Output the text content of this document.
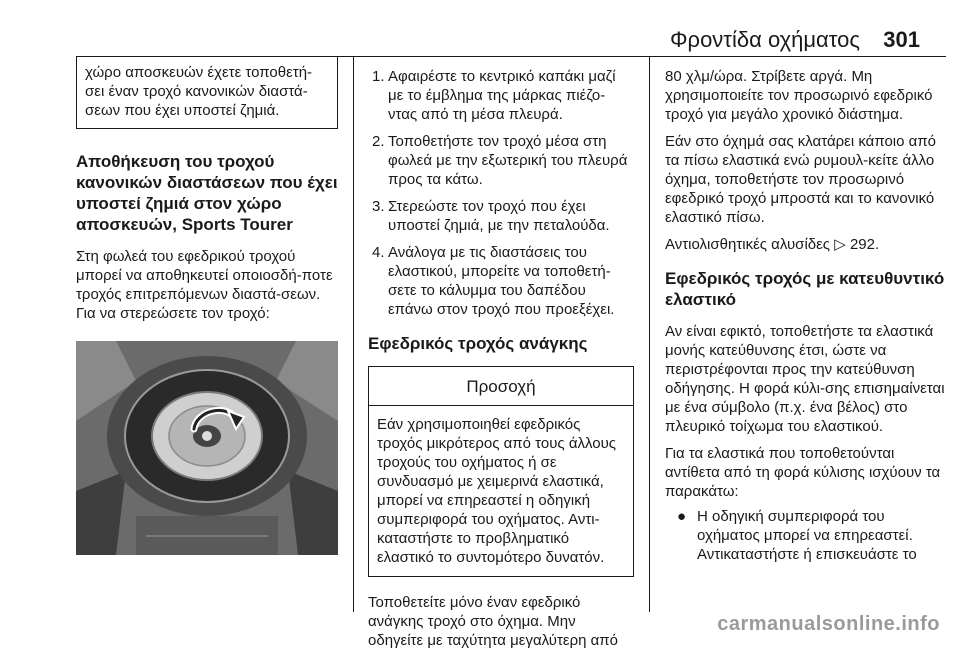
Φροντίδα οχήματος 301
χώρο αποσκευών έχετε τοποθετή-σει έναν τροχό κανονικών διαστά-σεων που έχει υποστεί ζημιά.
Αποθήκευση του τροχού κανονικών διαστάσεων που έχει υποστεί ζημιά στον χώρο αποσκευών, Sports Tourer

Στη φωλεά του εφεδρικού τροχού μπορεί να αποθηκευτεί οποιοσδή-ποτε τροχός επιτρεπόμενων διαστά-σεων. Για να στερεώσετε τον τροχό:

1. Αφαιρέστε το κεντρικό καπάκι μαζί με το έμβλημα της μάρκας πιέζο-ντας από τη μέσα πλευρά.
2. Τοποθετήστε τον τροχό μέσα στη φωλεά με την εξωτερική του πλευρά προς τα κάτω.
3. Στερεώστε τον τροχό που έχει υποστεί ζημιά, με την πεταλούδα.
4. Ανάλογα με τις διαστάσεις του ελαστικού, μπορείτε να τοποθετή-σετε το κάλυμμα του δαπέδου επάνω στον τροχό που προεξέχει.
Εφεδρικός τροχός ανάγκης
Προσοχή
Εάν χρησιμοποιηθεί εφεδρικός τροχός μικρότερος από τους άλλους τροχούς του οχήματος ή σε συνδυασμό με χειμερινά ελαστικά, μπορεί να επηρεαστεί η οδηγική συμπεριφορά του οχήματος. Αντι-καταστήστε το προβληματικό ελαστικό το συντομότερο δυνατόν.

Τοποθετείτε μόνο έναν εφεδρικό ανάγκης τροχό στο όχημα. Μην οδηγείτε με ταχύτητα μεγαλύτερη από

80 χλμ/ώρα. Στρίβετε αργά. Μη χρησιμοποιείτε τον προσωρινό εφεδρικό τροχό για μεγάλο χρονικό διάστημα.

Εάν στο όχημά σας κλατάρει κάποιο από τα πίσω ελαστικά ενώ ρυμουλ-κείτε άλλο όχημα, τοποθετήστε τον προσωρινό εφεδρικό τροχό μπροστά και το κανονικό ελαστικό πίσω.

Αντιολισθητικές αλυσίδες ▷ 292.

Εφεδρικός τροχός με κατευθυντικό ελαστικό

Αν είναι εφικτό, τοποθετήστε τα ελαστικά μονής κατεύθυνσης έτσι, ώστε να περιστρέφονται προς την κατεύθυνση οδήγησης. Η φορά κύλι-σης επισημαίνεται με ένα σύμβολο (π.χ. ένα βέλος) στο πλευρικό τοίχωμα του ελαστικού.

Για τα ελαστικά που τοποθετούνται αντίθετα από τη φορά κύλισης ισχύουν τα παρακάτω:

● Η οδηγική συμπεριφορά του οχήματος μπορεί να επηρεαστεί. Αντικαταστήστε ή επισκευάστε το
carmanualsonline.info
